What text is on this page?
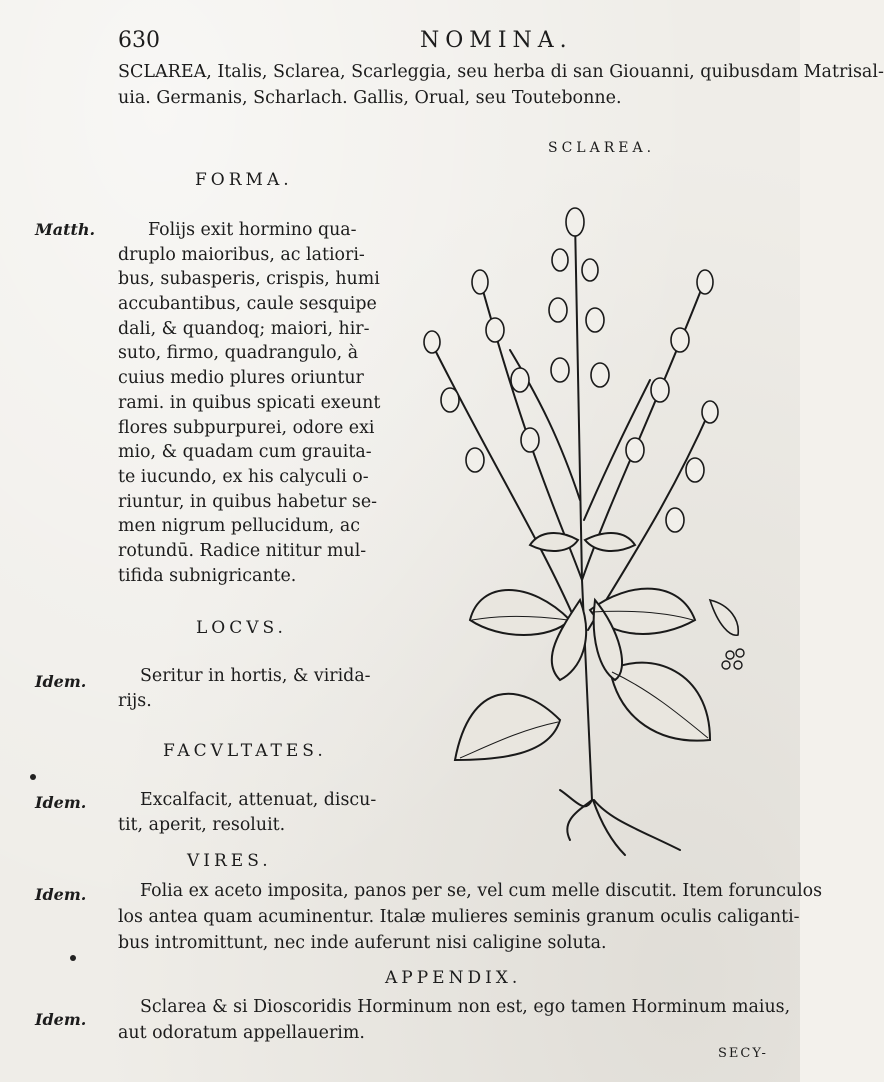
630	NOMINA.
SCLAREA, Italis, Sclarea, Scarleggia, seu herba di san Giouanni, quibusdam Matrisal-
uia. Germanis, Scharlach. Gallis, Orual, seu Toutebonne.
SCLAREA.
FORMA.
Matth.	Folijs exit hormino qua-
druplo maioribus, ac latiori-
bus, subasperis, crispis, humi
accubantibus, caule sesquipe
dali, & quandoq; maiori, hir-
suto, firmo, quadrangulo, à
cuius medio plures oriuntur
rami. in quibus spicati exeunt
flores subpurpurei, odore exi
mio, & quadam cum grauita-
te iucundo, ex his calyculi o-
riuntur, in quibus habetur se-
men nigrum pellucidum, ac
rotundū. Radice nititur mul-
tifida subnigricante.
LOCVS.
Idem.	Seritur in hortis, & virida-
rijs.
FACVLTATES.
Idem.	Excalfacit, attenuat, discu-
tit, aperit, resoluit.
VIRES.
Idem.	Folia ex aceto imposita, panos per se, vel cum melle discutit. Item forunculos
los antea quam acuminentur. Italæ mulieres seminis granum oculis caliganti-
bus intromittunt, nec inde auferunt nisi caligine soluta.
APPENDIX.
Idem.
Sclarea & si Dioscoridis Horminum non est, ego tamen Horminum maius,
aut odoratum appellauerim.
SECY-
